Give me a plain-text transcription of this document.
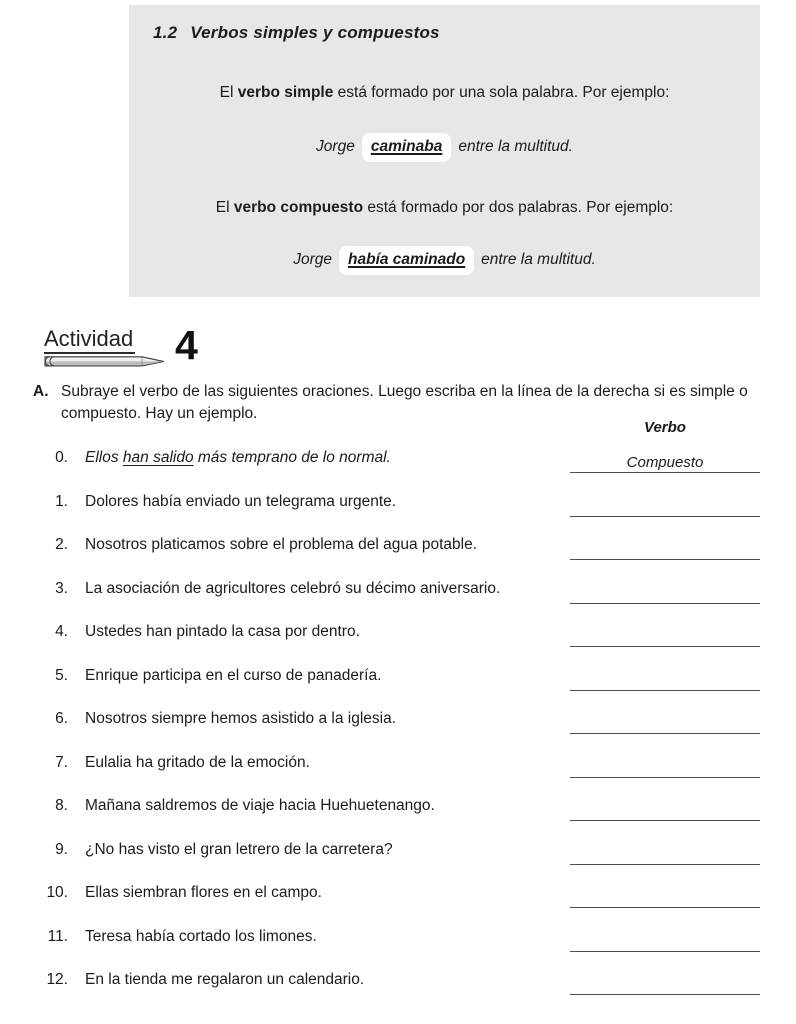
1.2 Verbos simples y compuestos

El verbo simple está formado por una sola palabra. Por ejemplo:

Jorge caminaba entre la multitud.

El verbo compuesto está formado por dos palabras. Por ejemplo:

Jorge había caminado entre la multitud.

Actividad 4
A. Subraye el verbo de las siguientes oraciones. Luego escriba en la línea de la derecha si es simple o compuesto. Hay un ejemplo.
Verbo
0. Ellos han salido más temprano de lo normal.	Compuesto
1. Dolores había enviado un telegrama urgente.
2. Nosotros platicamos sobre el problema del agua potable.
3. La asociación de agricultores celebró su décimo aniversario.
4. Ustedes han pintado la casa por dentro.
5. Enrique participa en el curso de panadería.
6. Nosotros siempre hemos asistido a la iglesia.
7. Eulalia ha gritado de la emoción.
8. Mañana saldremos de viaje hacia Huehuetenango.
9. ¿No has visto el gran letrero de la carretera?
10. Ellas siembran flores en el campo.
11. Teresa había cortado los limones.
12. En la tienda me regalaron un calendario.
